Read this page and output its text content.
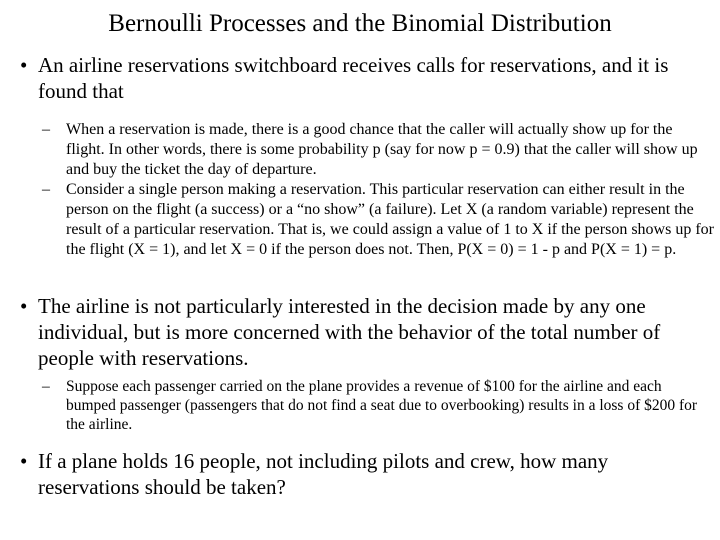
Bernoulli Processes and the Binomial Distribution
• An airline reservations switchboard receives calls for reservations, and it is found that
– When a reservation is made, there is a good chance that the caller will actually show up for the flight. In other words, there is some probability p (say for now p = 0.9) that the caller will show up and buy the ticket the day of departure.
– Consider a single person making a reservation. This particular reservation can either result in the person on the flight (a success) or a “no show” (a failure). Let X (a random variable) represent the result of a particular reservation. That is, we could assign a value of 1 to X if the person shows up for the flight (X = 1), and let X = 0 if the person does not. Then, P(X = 0) = 1 - p and P(X = 1) = p.
• The airline is not particularly interested in the decision made by any one individual, but is more concerned with the behavior of the total number of people with reservations.
– Suppose each passenger carried on the plane provides a revenue of $100 for the airline and each bumped passenger (passengers that do not find a seat due to overbooking) results in a loss of $200 for the airline.
• If a plane holds 16 people, not including pilots and crew, how many reservations should be taken?
